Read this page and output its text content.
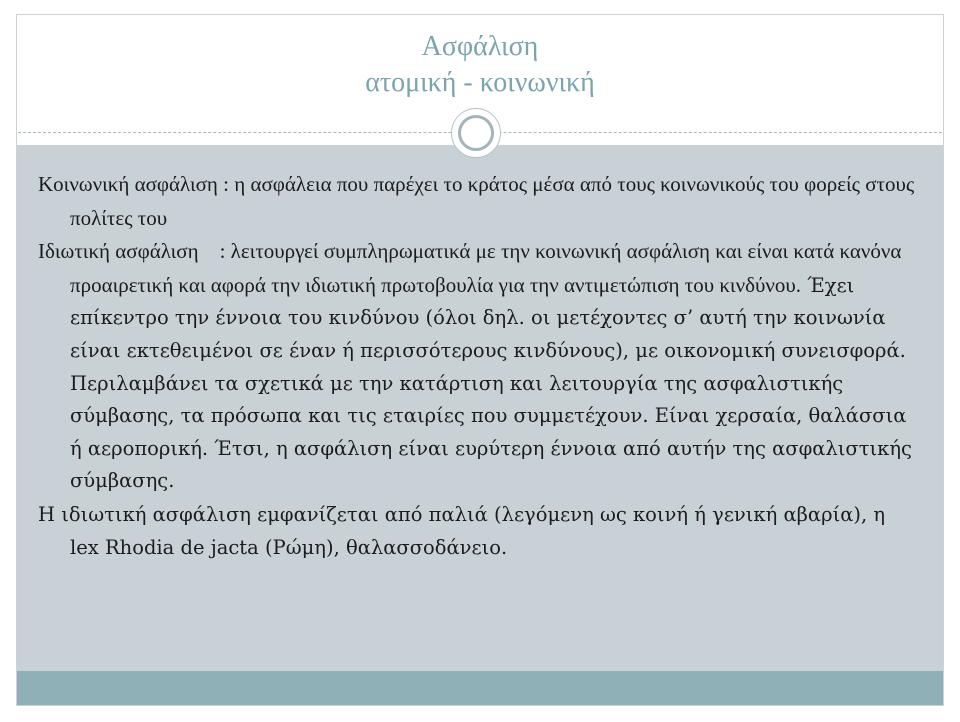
Ασφάλιση
ατομική - κοινωνική

Κοινωνική ασφάλιση : η ασφάλεια που παρέχει το κράτος μέσα από τους κοινωνικούς του φορείς στους πολίτες του

Ιδιωτική ασφάλιση    : λειτουργεί συμπληρωματικά με την κοινωνική ασφάλιση και είναι κατά κανόνα προαιρετική και αφορά την ιδιωτική πρωτοβουλία για την αντιμετώπιση του κινδύνου. Έχει επίκεντρο την έννοια του κινδύνου (όλοι δηλ. οι μετέχοντες σ’ αυτή την κοινωνία είναι εκτεθειμένοι σε έναν ή περισσότερους κινδύνους), με οικονομική συνεισφορά. Περιλαμβάνει τα σχετικά με την κατάρτιση και λειτουργία της ασφαλιστικής σύμβασης, τα πρόσωπα και τις εταιρίες που συμμετέχουν. Είναι χερσαία, θαλάσσια ή αεροπορική. Έτσι, η ασφάλιση είναι ευρύτερη έννοια από αυτήν της ασφαλιστικής σύμβασης.

Η ιδιωτική ασφάλιση εμφανίζεται από παλιά (λεγόμενη ως κοινή ή γενική αβαρία), η lex Rhodia de jacta (Ρώμη), θαλασσοδάνειο.
